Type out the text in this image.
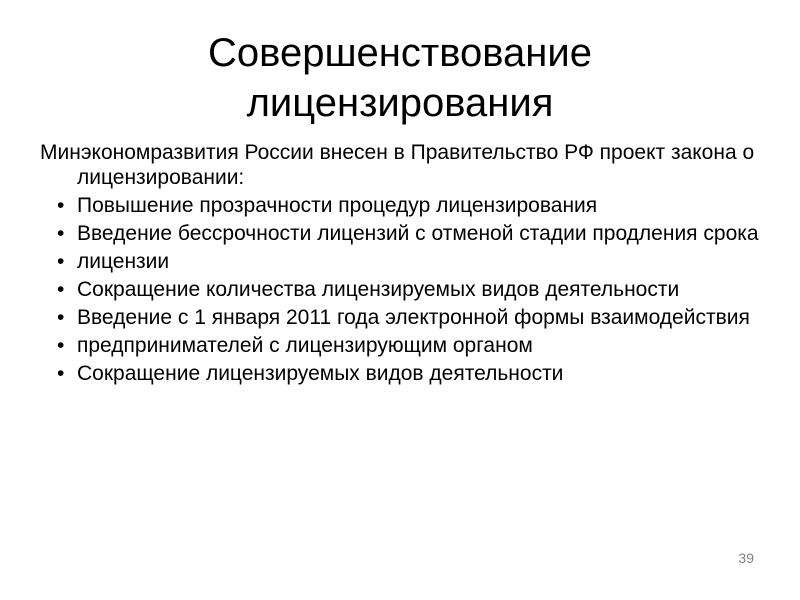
Совершенствование
лицензирования

Минэкономразвития России внесен в Правительство РФ проект закона о лицензировании:

• Повышение прозрачности процедур лицензирования
• Введение бессрочности лицензий с отменой стадии продления срока
• лицензии
• Сокращение количества лицензируемых видов деятельности
• Введение с 1 января 2011 года электронной формы взаимодействия
• предпринимателей с лицензирующим органом
• Сокращение лицензируемых видов деятельности
39
